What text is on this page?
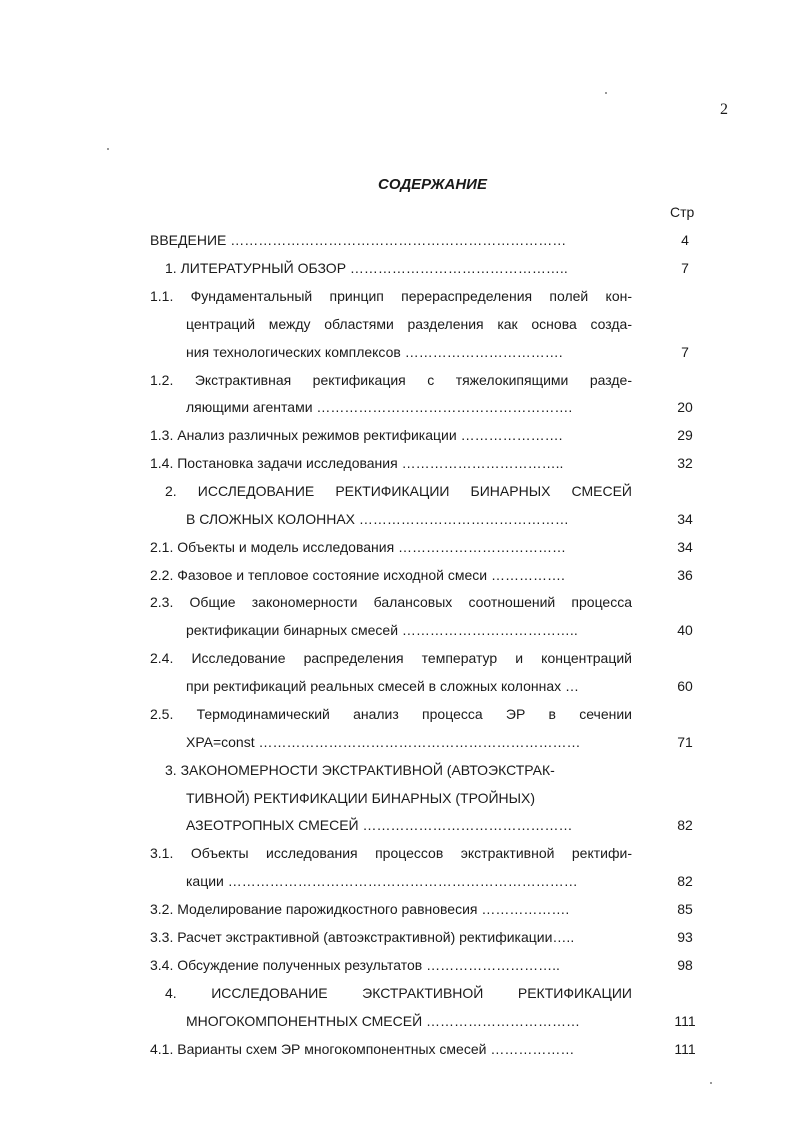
2
СОДЕРЖАНИЕ
Стр
ВВЕДЕНИЕ ………………………………………………………………	4
1. ЛИТЕРАТУРНЫЙ ОБЗОР ………………………………………..	7
1.1. Фундаментальный принцип перераспределения полей кон-
центраций между областями разделения как основа созда-
ния технологических комплексов …………………………….	7
1.2. Экстрактивная ректификация с тяжелокипящими разде-
ляющими агентами ……………………………………………….	20
1.3. Анализ различных режимов ректификации ………………….	29
1.4. Постановка задачи исследования ……………………………..	32
2. ИССЛЕДОВАНИЕ РЕКТИФИКАЦИИ БИНАРНЫХ СМЕСЕЙ
В СЛОЖНЫХ КОЛОННАХ ………………………………………	34
2.1. Объекты и модель исследования ………………………………	34
2.2. Фазовое и тепловое состояние исходной смеси …………….	36
2.3. Общие закономерности балансовых соотношений процесса
ректификации бинарных смесей ………………………………..	40
2.4. Исследование распределения температур и концентраций
при ректификаций реальных смесей в сложных колоннах …	60
2.5. Термодинамический анализ процесса ЭР в сечении
XPA=const ……………………………………………………………	71
3. ЗАКОНОМЕРНОСТИ ЭКСТРАКТИВНОЙ (АВТОЭКСТРАК-
ТИВНОЙ) РЕКТИФИКАЦИИ БИНАРНЫХ (ТРОЙНЫХ)
АЗЕОТРОПНЫХ СМЕСЕЙ ………………………………………	82
3.1. Объекты исследования процессов экстрактивной ректифи-
кации …………………………………………………………………	82
3.2. Моделирование парожидкостного равновесия ……………….	85
3.3. Расчет экстрактивной (автоэкстрактивной) ректификации…..	93
3.4. Обсуждение полученных результатов ………………………..	98
4. ИССЛЕДОВАНИЕ ЭКСТРАКТИВНОЙ РЕКТИФИКАЦИИ
МНОГОКОМПОНЕНТНЫХ СМЕСЕЙ ……………………………	111
4.1. Варианты схем ЭР многокомпонентных смесей ………………	111
